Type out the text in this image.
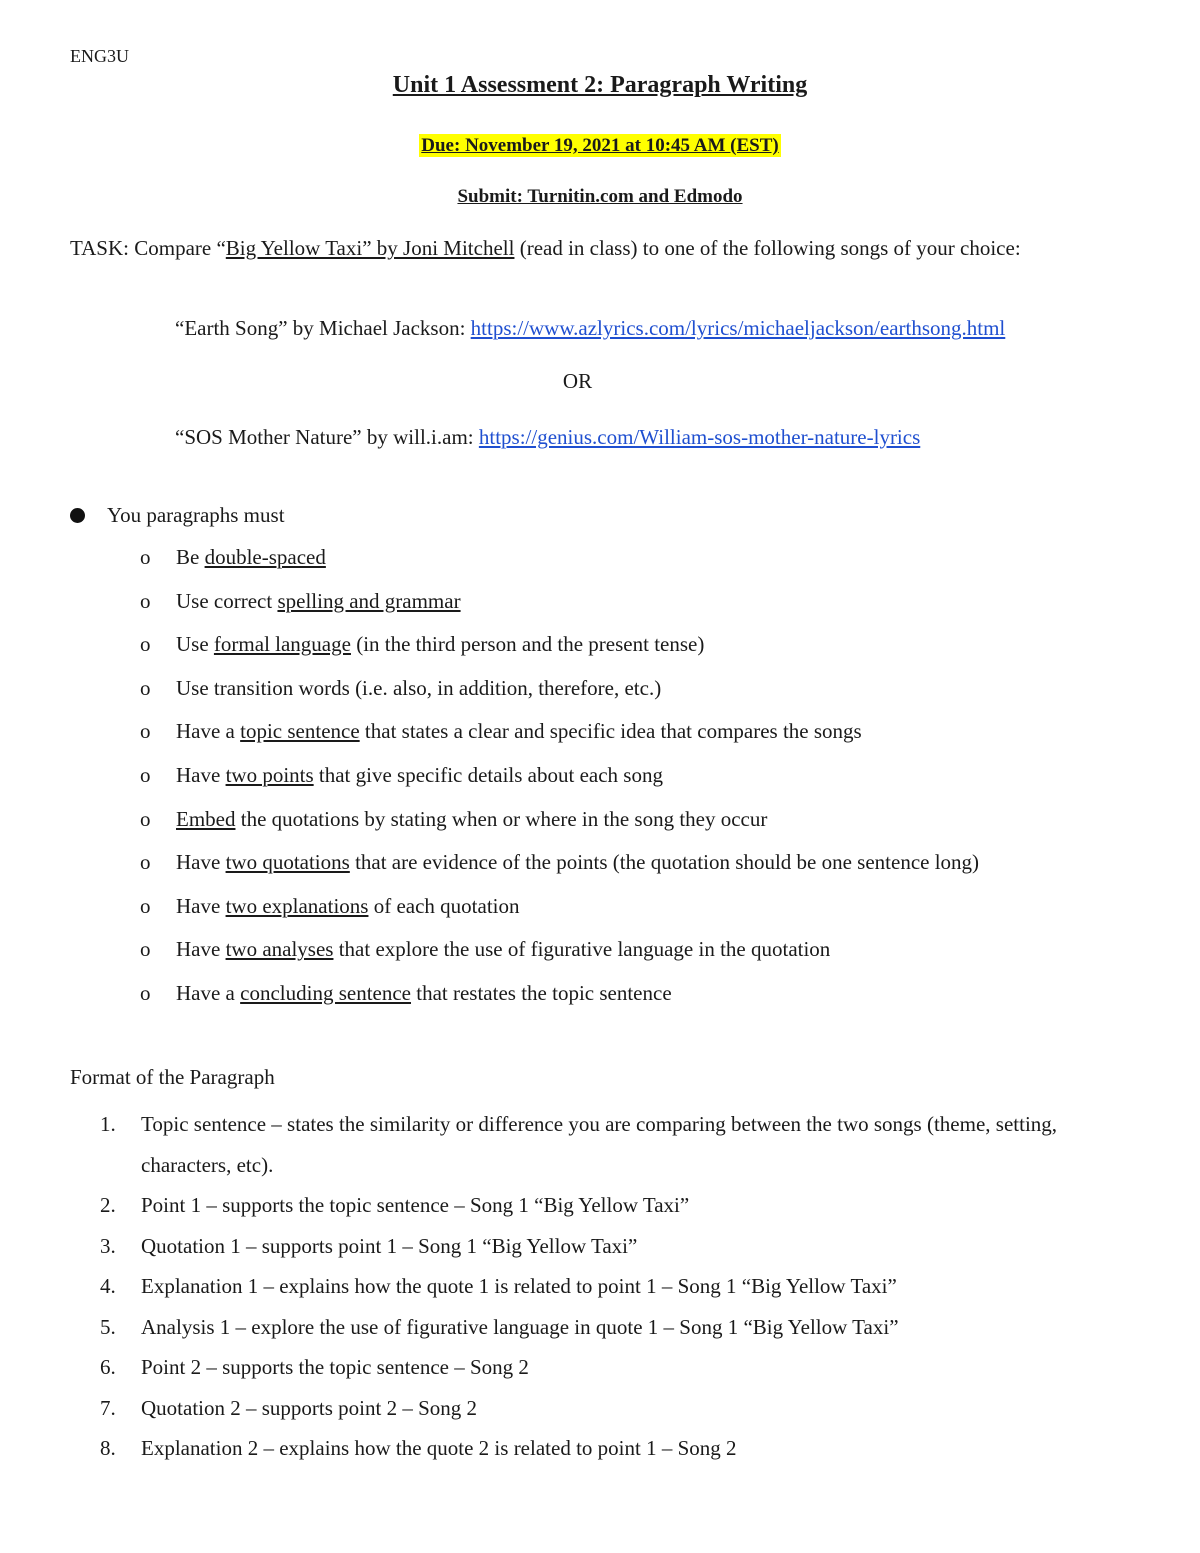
ENG3U
Unit 1 Assessment 2: Paragraph Writing
Due: November 19, 2021 at 10:45 AM (EST)
Submit: Turnitin.com and Edmodo
TASK: Compare “Big Yellow Taxi” by Joni Mitchell (read in class) to one of the following songs of your choice:
“Earth Song” by Michael Jackson: https://www.azlyrics.com/lyrics/michaeljackson/earthsong.html
OR
“SOS Mother Nature” by will.i.am: https://genius.com/William-sos-mother-nature-lyrics
You paragraphs must
o	Be double-spaced
o	Use correct spelling and grammar
o	Use formal language (in the third person and the present tense)
o	Use transition words (i.e. also, in addition, therefore, etc.)
o	Have a topic sentence that states a clear and specific idea that compares the songs
o	Have two points that give specific details about each song
o	Embed the quotations by stating when or where in the song they occur
o	Have two quotations that are evidence of the points (the quotation should be one sentence long)
o	Have two explanations of each quotation
o	Have two analyses that explore the use of figurative language in the quotation
o	Have a concluding sentence that restates the topic sentence
Format of the Paragraph
1.	Topic sentence – states the similarity or difference you are comparing between the two songs (theme, setting, characters, etc).
2.	Point 1 – supports the topic sentence – Song 1 “Big Yellow Taxi”
3.	Quotation 1 – supports point 1 – Song 1 “Big Yellow Taxi”
4.	Explanation 1 – explains how the quote 1 is related to point 1 – Song 1 “Big Yellow Taxi”
5.	Analysis 1 – explore the use of figurative language in quote 1 – Song 1 “Big Yellow Taxi”
6.	Point 2 – supports the topic sentence – Song 2
7.	Quotation 2 – supports point 2 – Song 2
8.	Explanation 2 – explains how the quote 2 is related to point 1 – Song 2
